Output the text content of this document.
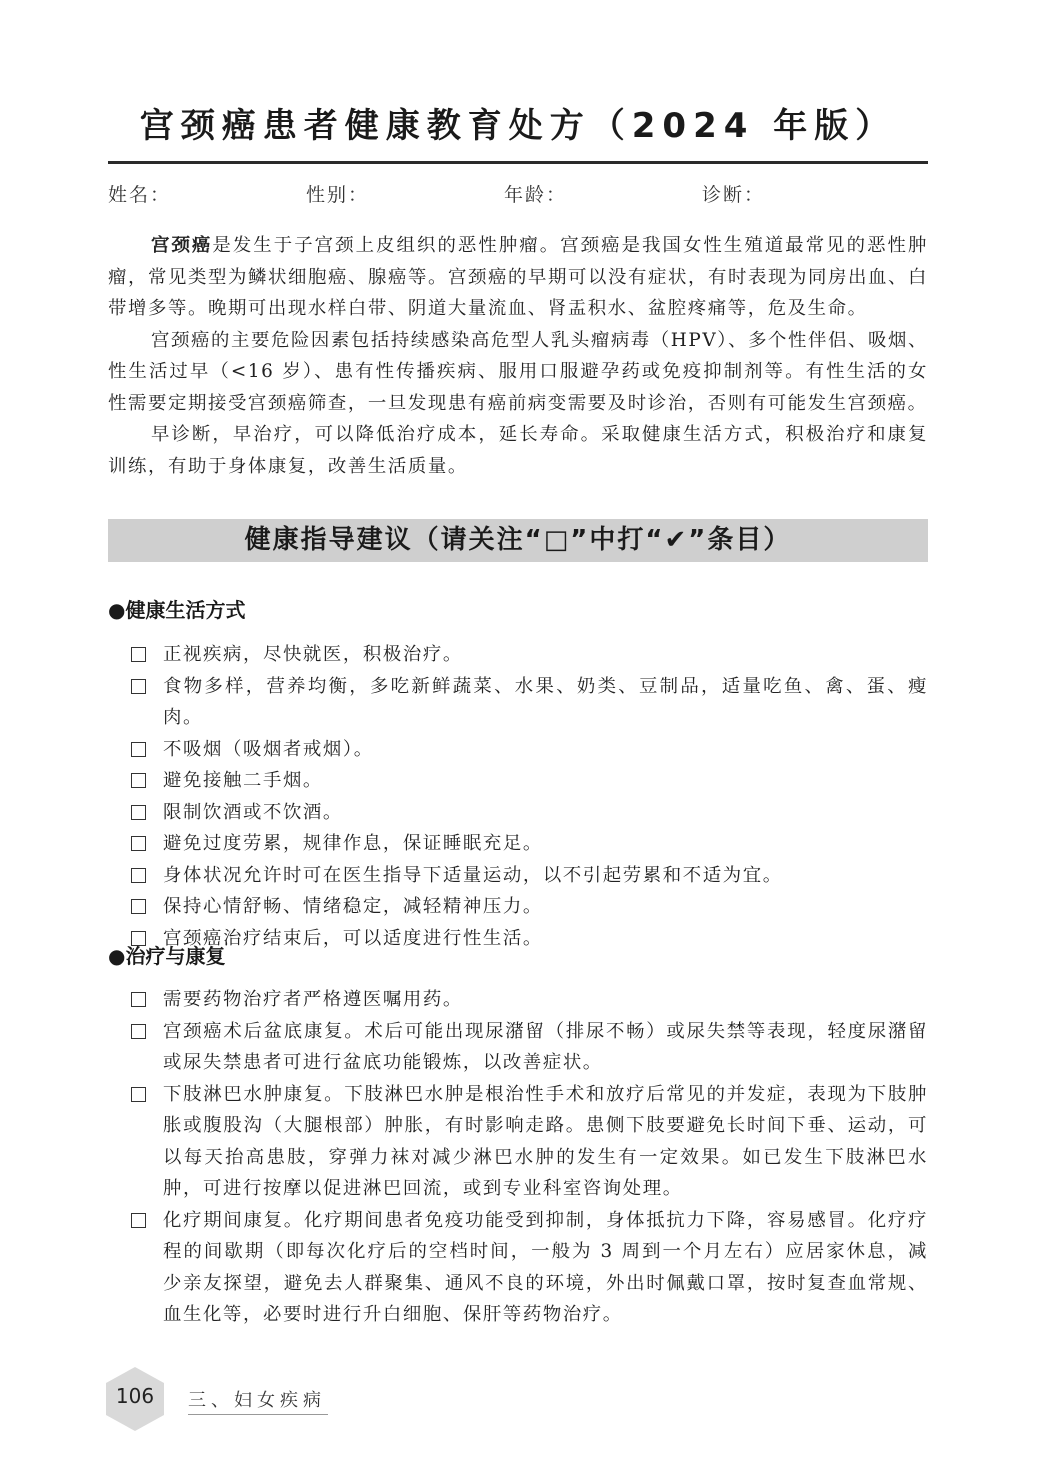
宫颈癌患者健康教育处方（2024 年版）
姓名：	性别：	年龄：	诊断：

宫颈癌是发生于子宫颈上皮组织的恶性肿瘤。宫颈癌是我国女性生殖道最常见的恶性肿瘤，常见类型为鳞状细胞癌、腺癌等。宫颈癌的早期可以没有症状，有时表现为同房出血、白带增多等。晚期可出现水样白带、阴道大量流血、肾盂积水、盆腔疼痛等，危及生命。

宫颈癌的主要危险因素包括持续感染高危型人乳头瘤病毒（HPV）、多个性伴侣、吸烟、性生活过早（<16 岁）、患有性传播疾病、服用口服避孕药或免疫抑制剂等。有性生活的女性需要定期接受宫颈癌筛查，一旦发现患有癌前病变需要及时诊治，否则有可能发生宫颈癌。

早诊断，早治疗，可以降低治疗成本，延长寿命。采取健康生活方式，积极治疗和康复训练，有助于身体康复，改善生活质量。

健康指导建议（请关注“□”中打“✔”条目）
●健康生活方式
正视疾病，尽快就医，积极治疗。
食物多样，营养均衡，多吃新鲜蔬菜、水果、奶类、豆制品，适量吃鱼、禽、蛋、瘦肉。
不吸烟（吸烟者戒烟）。
避免接触二手烟。
限制饮酒或不饮酒。
避免过度劳累，规律作息，保证睡眠充足。
身体状况允许时可在医生指导下适量运动，以不引起劳累和不适为宜。
保持心情舒畅、情绪稳定，减轻精神压力。
宫颈癌治疗结束后，可以适度进行性生活。
●治疗与康复
需要药物治疗者严格遵医嘱用药。
宫颈癌术后盆底康复。术后可能出现尿潴留（排尿不畅）或尿失禁等表现，轻度尿潴留或尿失禁患者可进行盆底功能锻炼，以改善症状。
下肢淋巴水肿康复。下肢淋巴水肿是根治性手术和放疗后常见的并发症，表现为下肢肿胀或腹股沟（大腿根部）肿胀，有时影响走路。患侧下肢要避免长时间下垂、运动，可以每天抬高患肢，穿弹力袜对减少淋巴水肿的发生有一定效果。如已发生下肢淋巴水肿，可进行按摩以促进淋巴回流，或到专业科室咨询处理。
化疗期间康复。化疗期间患者免疫功能受到抑制，身体抵抗力下降，容易感冒。化疗疗程的间歇期（即每次化疗后的空档时间，一般为 3 周到一个月左右）应居家休息，减少亲友探望，避免去人群聚集、通风不良的环境，外出时佩戴口罩，按时复查血常规、血生化等，必要时进行升白细胞、保肝等药物治疗。
106	三、妇女疾病
